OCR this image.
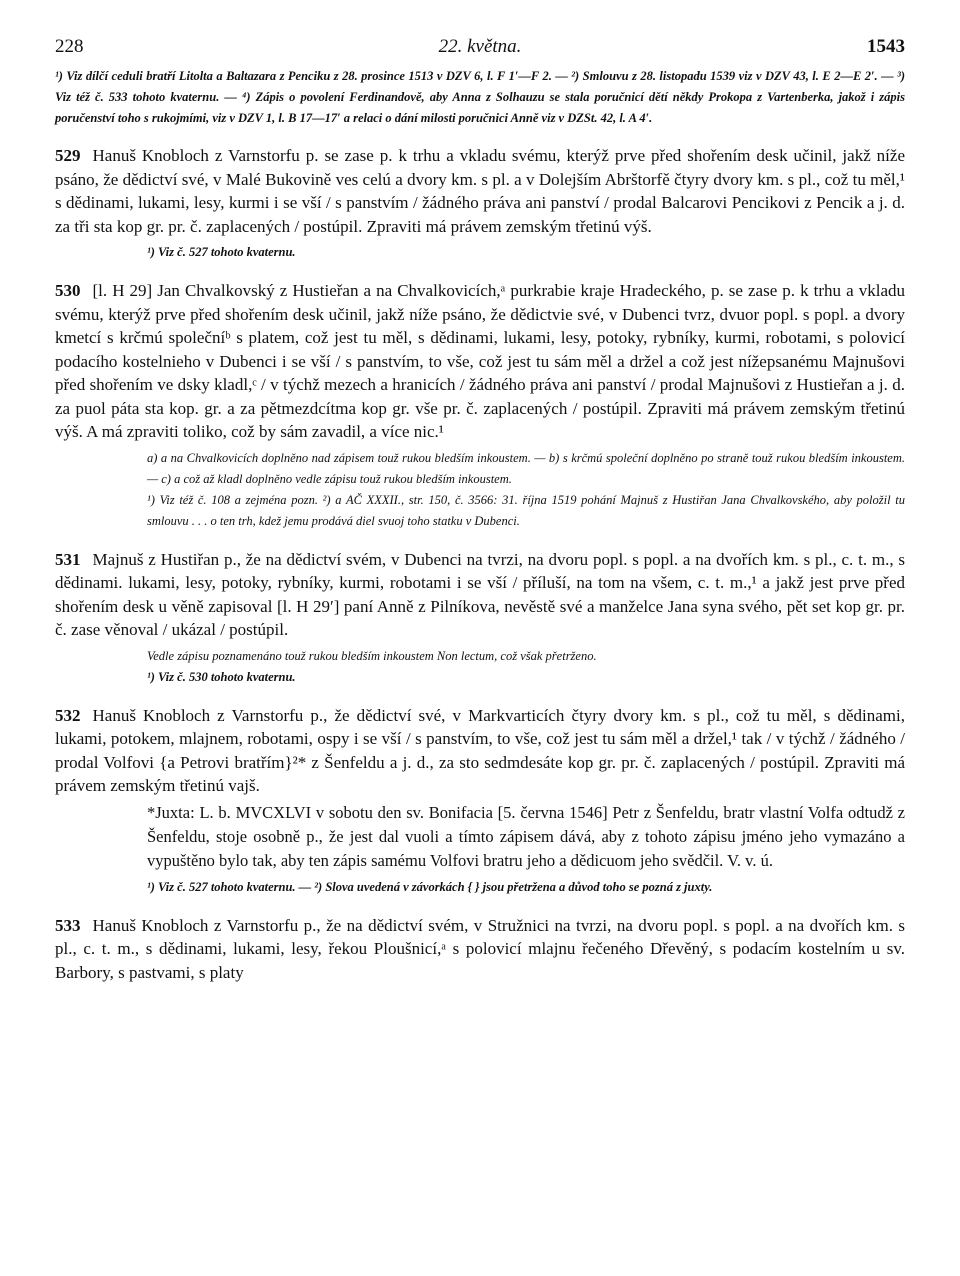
228	22. května.	1543

¹) Viz dílčí ceduli bratří Litolta a Baltazara z Penciku z 28. prosince 1513 v DZV 6, l. F 1′—F 2. — ²) Smlouvu z 28. listopadu 1539 viz v DZV 43, l. E 2—E 2′. — ³) Viz též č. 533 tohoto kvaternu. — ⁴) Zápis o povolení Ferdinandově, aby Anna z Solhauzu se stala poručnicí dětí někdy Prokopa z Vartenberka, jakož i zápis poručenství toho s rukojmími, viz v DZV 1, l. B 17—17′ a relaci o dání milosti poručnici Anně viz v DZSt. 42, l. A 4′.

529 Hanuš Knobloch z Varnstorfu p. se zase p. k trhu a vkladu svému, kterýž prve před shořením desk učinil, jakž níže psáno, že dědictví své, v Malé Bukovině ves celú a dvory km. s pl. a v Dolejším Abrštorfě čtyry dvory km. s pl., což tu měl,¹ s dědinami, lukami, lesy, kurmi i se vší / s panstvím / žádného práva ani panství / prodal Balcarovi Pencikovi z Pencik a j. d. za tři sta kop gr. pr. č. zaplacených / postúpil. Zpraviti má právem zemským třetinú výš.

¹) Viz č. 527 tohoto kvaternu.

530 [l. H 29] Jan Chvalkovský z Hustieřan a na Chvalkovicích,ᵃ purkrabie kraje Hradeckého, p. se zase p. k trhu a vkladu svému, kterýž prve před shořením desk učinil, jakž níže psáno, že dědictvie své, v Dubenci tvrz, dvuor popl. s popl. a dvory kmetcí s krčmú společníᵇ s platem, což jest tu měl, s dědinami, lukami, lesy, potoky, rybníky, kurmi, robotami, s polovicí podacího kostelnieho v Dubenci i se vší / s panstvím, to vše, což jest tu sám měl a držel a což jest nížepsanému Majnušovi před shořením ve dsky kladl,ᶜ / v týchž mezech a hranicích / žádného práva ani panství / prodal Majnušovi z Hustieřan a j. d. za puol páta sta kop. gr. a za pětmezdcítma kop gr. vše pr. č. zaplacených / postúpil. Zpraviti má právem zemským třetinú výš. A má zpraviti toliko, což by sám zavadil, a více nic.¹

a) a na Chvalkovicích doplněno nad zápisem touž rukou bledším inkoustem. — b) s krčmú společní doplněno po straně touž rukou bledším inkoustem. — c) a což až kladl doplněno vedle zápisu touž rukou bledším inkoustem.

¹) Viz též č. 108 a zejména pozn. ²) a AČ XXXII., str. 150, č. 3566: 31. října 1519 pohání Majnuš z Hustiřan Jana Chvalkovského, aby položil tu smlouvu . . . o ten trh, kdež jemu prodává diel svuoj toho statku v Dubenci.

531 Majnuš z Hustiřan p., že na dědictví svém, v Dubenci na tvrzi, na dvoru popl. s popl. a na dvořích km. s pl., c. t. m., s dědinami. lukami, lesy, potoky, rybníky, kurmi, robotami i se vší / příluší, na tom na všem, c. t. m.,¹ a jakž jest prve před shořením desk u věně zapisoval [l. H 29′] paní Anně z Pilníkova, nevěstě své a manželce Jana syna svého, pět set kop gr. pr. č. zase věnoval / ukázal / postúpil.

Vedle zápisu poznamenáno touž rukou bledším inkoustem Non lectum, což však přetrženo.

¹) Viz č. 530 tohoto kvaternu.

532 Hanuš Knobloch z Varnstorfu p., že dědictví své, v Markvarticích čtyry dvory km. s pl., což tu měl, s dědinami, lukami, potokem, mlajnem, robotami, ospy i se vší / s panstvím, to vše, což jest tu sám měl a držel,¹ tak / v týchž / žádného / prodal Volfovi {a Petrovi bratřím}²* z Šenfeldu a j. d., za sto sedmdesáte kop gr. pr. č. zaplacených / postúpil. Zpraviti má právem zemským třetinú vajš.

*Juxta: L. b. MVCXLVI v sobotu den sv. Bonifacia [5. června 1546] Petr z Šenfeldu, bratr vlastní Volfa odtudž z Šenfeldu, stoje osobně p., že jest dal vuoli a tímto zápisem dává, aby z tohoto zápisu jméno jeho vymazáno a vypuštěno bylo tak, aby ten zápis samému Volfovi bratru jeho a dědicuom jeho svědčil. V. v. ú.

¹) Viz č. 527 tohoto kvaternu. — ²) Slova uvedená v závorkách { } jsou přetržena a důvod toho se pozná z juxty.

533 Hanuš Knobloch z Varnstorfu p., že na dědictví svém, v Stružnici na tvrzi, na dvoru popl. s popl. a na dvořích km. s pl., c. t. m., s dědinami, lukami, lesy, řekou Ploušnicí,ᵃ s polovicí mlajnu řečeného Dřevěný, s podacím kostelním u sv. Barbory, s pastvami, s platy
